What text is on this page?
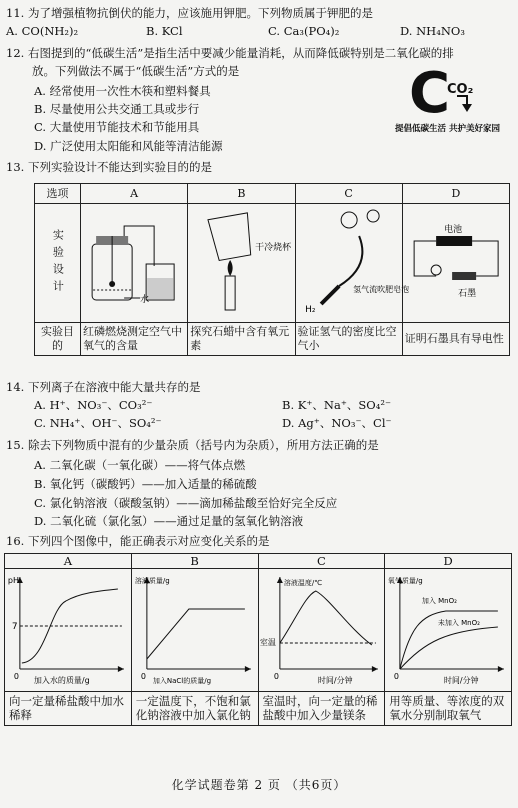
11. 为了增强植物抗倒伏的能力，应该施用钾肥。下列物质属于钾肥的是
A. CO(NH₂)₂	B. KCl	C. Ca₃(PO₄)₂	D. NH₄NO₃
12. 右图提到的“低碳生活”是指生活中要减少能量消耗，从而降低碳特别是二氧化碳的排
放。下列做法不属于“低碳生活”方式的是
A. 经常使用一次性木筷和塑料餐具
B. 尽量使用公共交通工具或步行
C. 大量使用节能技术和节能用具
D. 广泛使用太阳能和风能等清洁能源
C
CO₂
提倡低碳生活 共护美好家园
13. 下列实验设计不能达到实验目的的是
选项	A	B	C	D
实验设计	水	干冷烧杯	H₂
氢气流吹肥皂泡	电池
石墨

实验目的	红磷燃烧测定空气中氧气的含量	探究石蜡中含有氧元素	验证氢气的密度比空气小	证明石墨具有导电性
14. 下列离子在溶液中能大量共存的是
A. H⁺、NO₃⁻、CO₃²⁻	B. K⁺、Na⁺、SO₄²⁻
C. NH₄⁺、OH⁻、SO₄²⁻	D. Ag⁺、NO₃⁻、Cl⁻
15. 除去下列物质中混有的少量杂质（括号内为杂质），所用方法正确的是
A. 二氧化碳（一氧化碳）——将气体点燃
B. 氧化钙（碳酸钙）——加入适量的稀硫酸
C. 氯化钠溶液（碳酸氢钠）——滴加稀盐酸至恰好完全反应
D. 二氧化硫（氯化氢）——通过足量的氢氧化钠溶液
16. 下列四个图像中，能正确表示对应变化关系的是
A	B	C	D

pH
7
0 加入水的质量/g	溶液质量/g
0 加入NaCl的质量/g	溶液温度/℃
室温
0 时间/分钟	氧气质量/g
加入 MnO₂
未加入 MnO₂
0 时间/分钟

向一定量稀盐酸中加水稀释	一定温度下，不饱和氯化钠溶液中加入氯化钠	室温时，向一定量的稀盐酸中加入少量镁条	用等质量、等浓度的双氧水分别制取氧气
化学试题卷第 2 页 （共6页）
